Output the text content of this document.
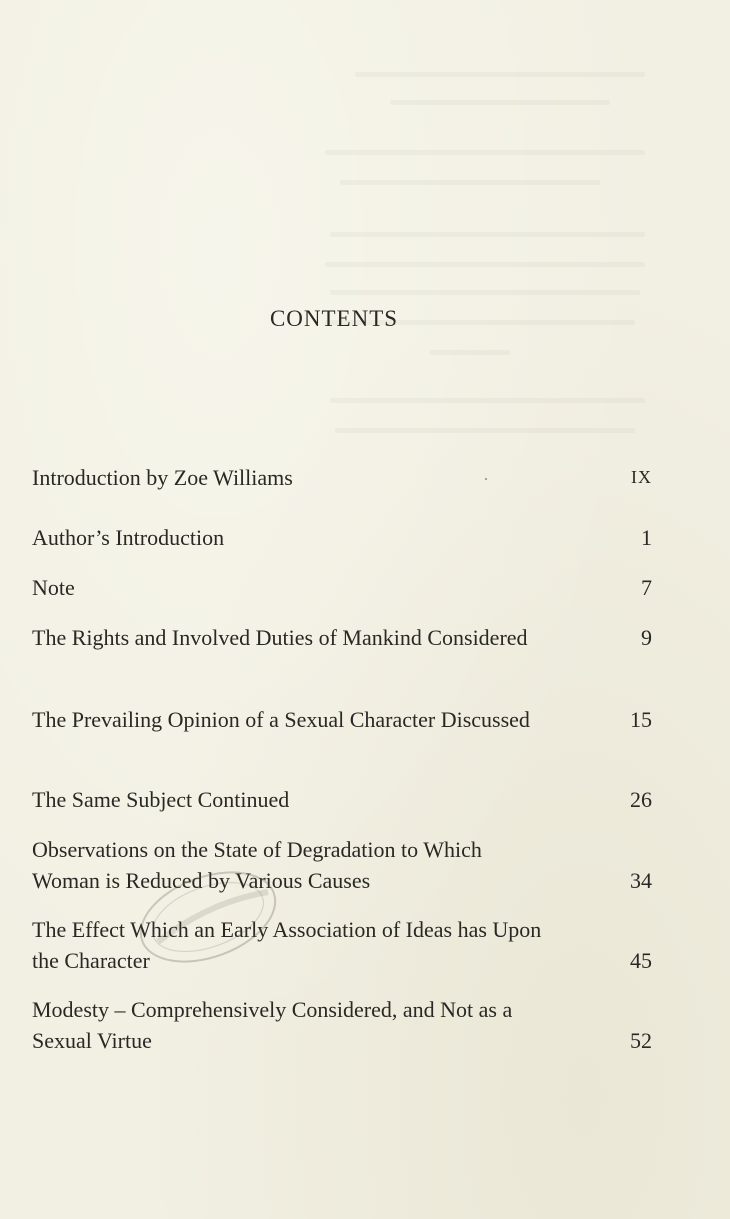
CONTENTS
Introduction by Zoe Williams	IX
Author’s Introduction	1
Note	7
The Rights and Involved Duties of Mankind Considered	9
The Prevailing Opinion of a Sexual Character Discussed	15
The Same Subject Continued	26
Observations on the State of Degradation to Which Woman is Reduced by Various Causes	34
The Effect Which an Early Association of Ideas has Upon the Character	45
Modesty – Comprehensively Considered, and Not as a Sexual Virtue	52
